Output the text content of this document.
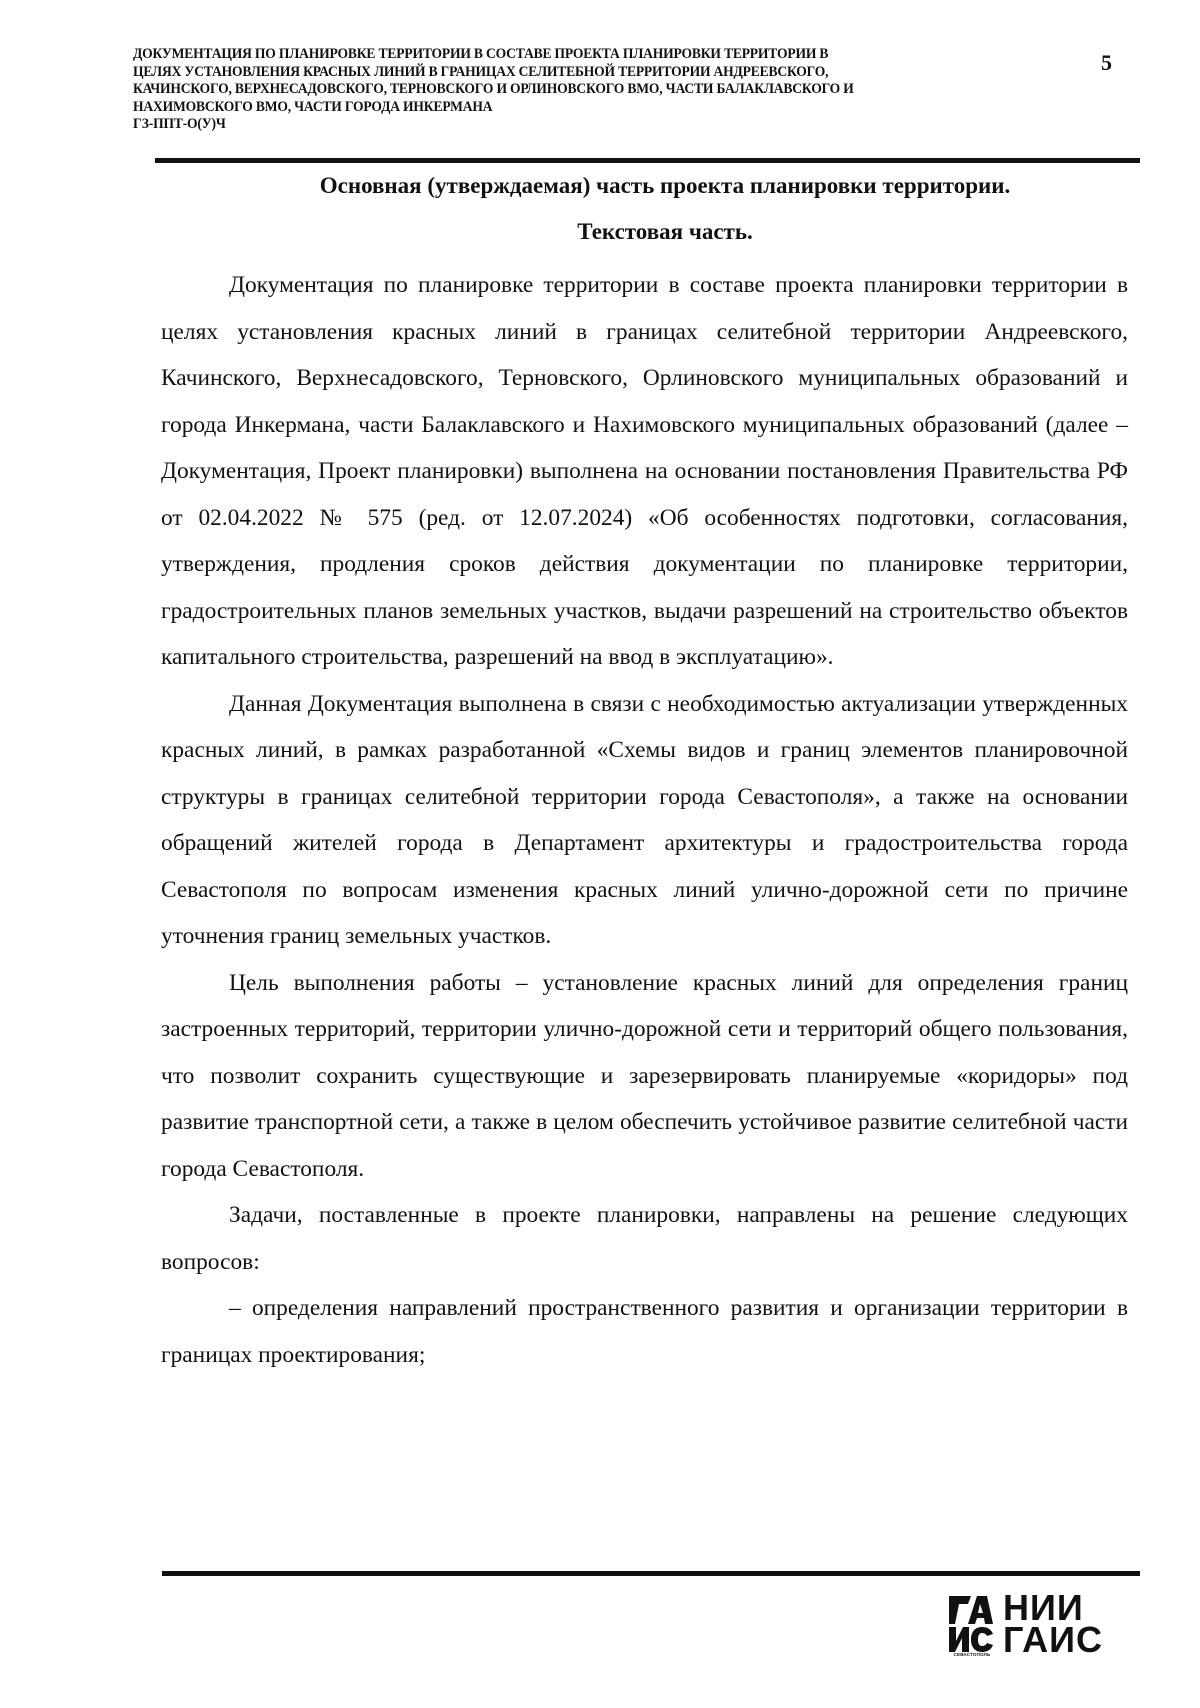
ДОКУМЕНТАЦИЯ ПО ПЛАНИРОВКЕ ТЕРРИТОРИИ В СОСТАВЕ ПРОЕКТА ПЛАНИРОВКИ ТЕРРИТОРИИ В
ЦЕЛЯХ УСТАНОВЛЕНИЯ КРАСНЫХ ЛИНИЙ В ГРАНИЦАХ СЕЛИТЕБНОЙ ТЕРРИТОРИИ АНДРЕЕВСКОГО,
КАЧИНСКОГО, ВЕРХНЕСАДОВСКОГО, ТЕРНОВСКОГО И ОРЛИНОВСКОГО ВМО, ЧАСТИ БАЛАКЛАВСКОГО И
НАХИМОВСКОГО ВМО, ЧАСТИ ГОРОДА ИНКЕРМАНА
ГЗ-ППТ-О(У)Ч
5
Основная (утверждаемая) часть проекта планировки территории.
Текстовая часть.

Документация по планировке территории в составе проекта планировки территории в целях установления красных линий в границах селитебной территории Андреевского, Качинского, Верхнесадовского, Терновского, Орлиновского муниципальных образований и города Инкермана, части Балаклавского и Нахимовского муниципальных образований (далее – Документация, Проект планировки) выполнена на основании постановления Правительства РФ от 02.04.2022 № 575 (ред. от 12.07.2024) «Об особенностях подготовки, согласования, утверждения, продления сроков действия документации по планировке территории, градостроительных планов земельных участков, выдачи разрешений на строительство объектов капитального строительства, разрешений на ввод в эксплуатацию».

Данная Документация выполнена в связи с необходимостью актуализации утвержденных красных линий, в рамках разработанной «Схемы видов и границ элементов планировочной структуры в границах селитебной территории города Севастополя», а также на основании обращений жителей города в Департамент архитектуры и градостроительства города Севастополя по вопросам изменения красных линий улично-дорожной сети по причине уточнения границ земельных участков.

Цель выполнения работы – установление красных линий для определения границ застроенных территорий, территории улично-дорожной сети и территорий общего пользования, что позволит сохранить существующие и зарезервировать планируемые «коридоры» под развитие транспортной сети, а также в целом обеспечить устойчивое развитие селитебной части города Севастополя.

Задачи, поставленные в проекте планировки, направлены на решение следующих вопросов:

– определения направлений пространственного развития и организации территории в границах проектирования;

СЕВАСТОПОЛЬ
НИИ
ГАИС
